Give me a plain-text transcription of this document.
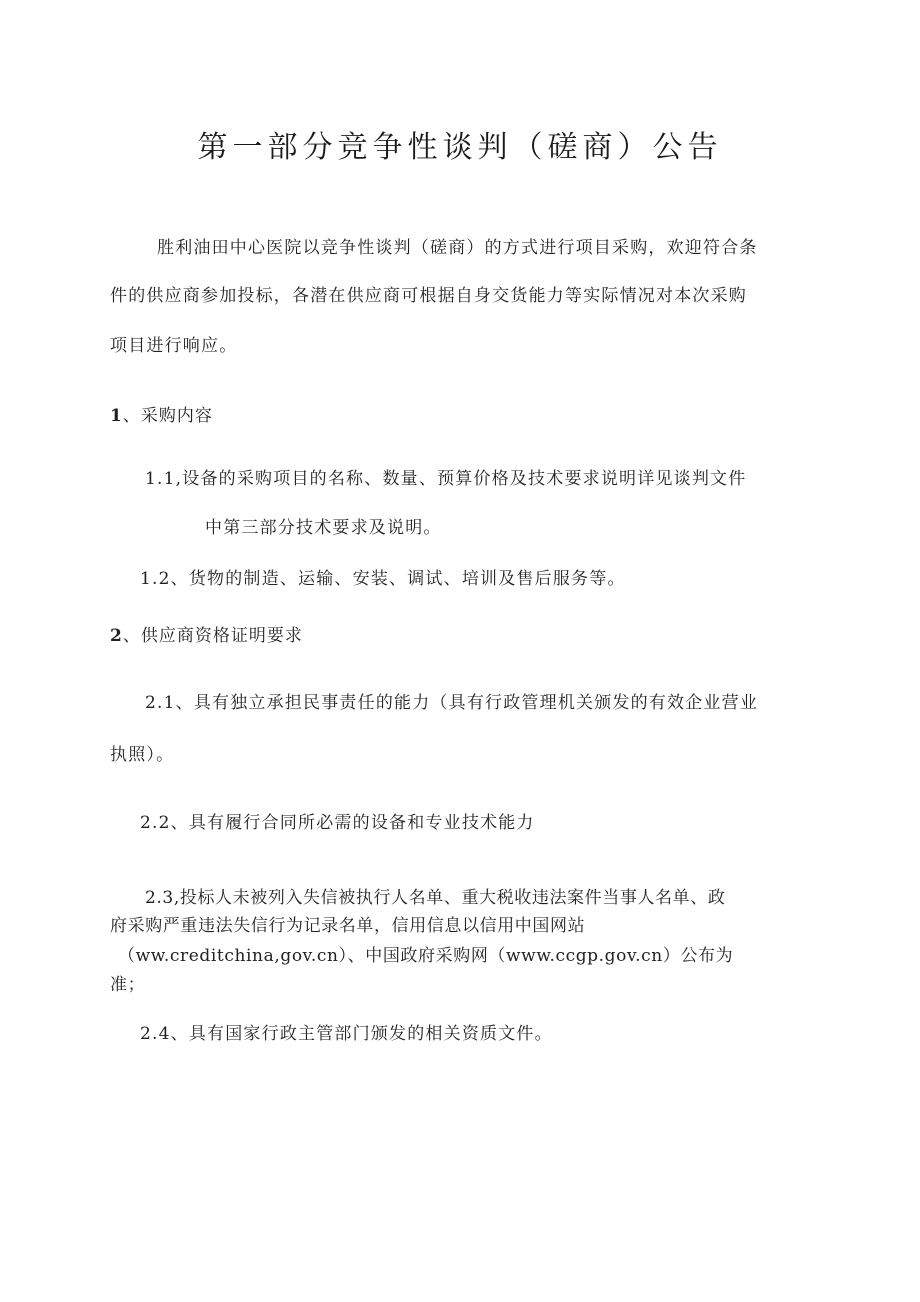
第一部分竞争性谈判（磋商）公告
胜利油田中心医院以竞争性谈判（磋商）的方式进行项目采购，欢迎符合条
件的供应商参加投标，各潜在供应商可根据自身交货能力等实际情况对本次采购
项目进行响应。
1、采购内容
1.1,设备的采购项目的名称、数量、预算价格及技术要求说明详见谈判文件
中第三部分技术要求及说明。
1.2、货物的制造、运输、安装、调试、培训及售后服务等。
2、供应商资格证明要求
2.1、具有独立承担民事责任的能力（具有行政管理机关颁发的有效企业营业
执照）。
2.2、具有履行合同所必需的设备和专业技术能力
2.3,投标人未被列入失信被执行人名单、重大税收违法案件当事人名单、政
府采购严重违法失信行为记录名单，信用信息以信用中国网站
（ww.creditchina,gov.cn）、中国政府采购网（www.ccgp.gov.cn）公布为
准；
2.4、具有国家行政主管部门颁发的相关资质文件。
